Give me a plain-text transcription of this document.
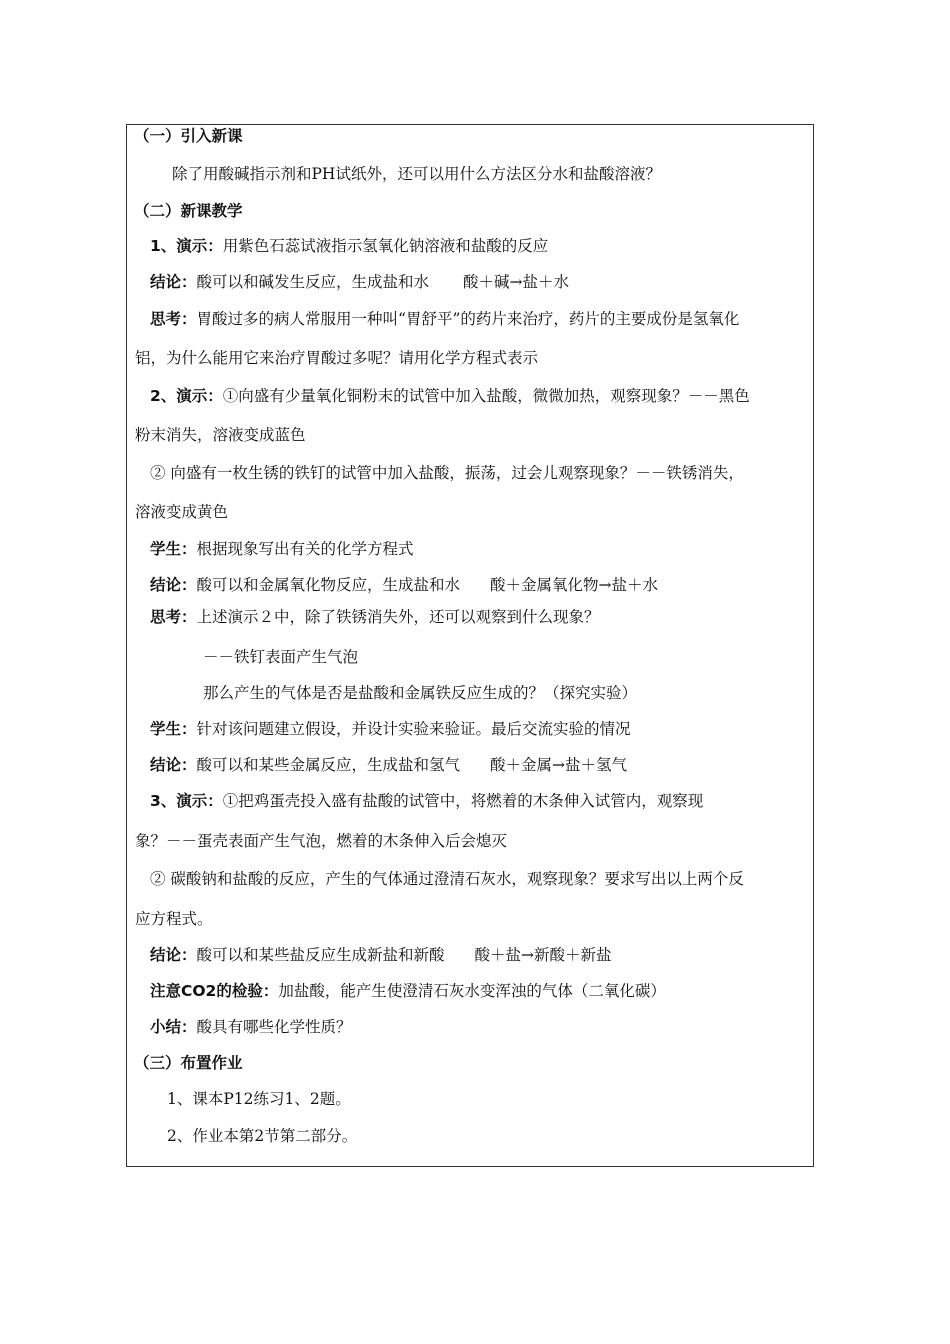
（一）引入新课
除了用酸碱指示剂和PH试纸外，还可以用什么方法区分水和盐酸溶液？
（二）新课教学
1、演示：用紫色石蕊试液指示氢氧化钠溶液和盐酸的反应
结论：酸可以和碱发生反应，生成盐和水 酸＋碱→盐＋水
思考：胃酸过多的病人常服用一种叫“胃舒平”的药片来治疗，药片的主要成份是氢氧化
铝，为什么能用它来治疗胃酸过多呢？请用化学方程式表示
2、演示：①向盛有少量氧化铜粉末的试管中加入盐酸，微微加热，观察现象？－－黑色
粉末消失，溶液变成蓝色
② 向盛有一枚生锈的铁钉的试管中加入盐酸，振荡，过会儿观察现象？－－铁锈消失，
溶液变成黄色
学生：根据现象写出有关的化学方程式
结论：酸可以和金属氧化物反应，生成盐和水 酸＋金属氧化物→盐＋水
思考：上述演示２中，除了铁锈消失外，还可以观察到什么现象？
－－铁钉表面产生气泡
那么产生的气体是否是盐酸和金属铁反应生成的？（探究实验）
学生：针对该问题建立假设，并设计实验来验证。最后交流实验的情况
结论：酸可以和某些金属反应，生成盐和氢气 酸＋金属→盐＋氢气
3、演示：①把鸡蛋壳投入盛有盐酸的试管中，将燃着的木条伸入试管内，观察现
象？－－蛋壳表面产生气泡，燃着的木条伸入后会熄灭
② 碳酸钠和盐酸的反应，产生的气体通过澄清石灰水，观察现象？要求写出以上两个反
应方程式。
结论：酸可以和某些盐反应生成新盐和新酸 酸＋盐→新酸＋新盐
注意CO2的检验：加盐酸，能产生使澄清石灰水变浑浊的气体（二氧化碳）
小结：酸具有哪些化学性质？
（三）布置作业
1、课本P12练习1、2题。
2、作业本第2节第二部分。
